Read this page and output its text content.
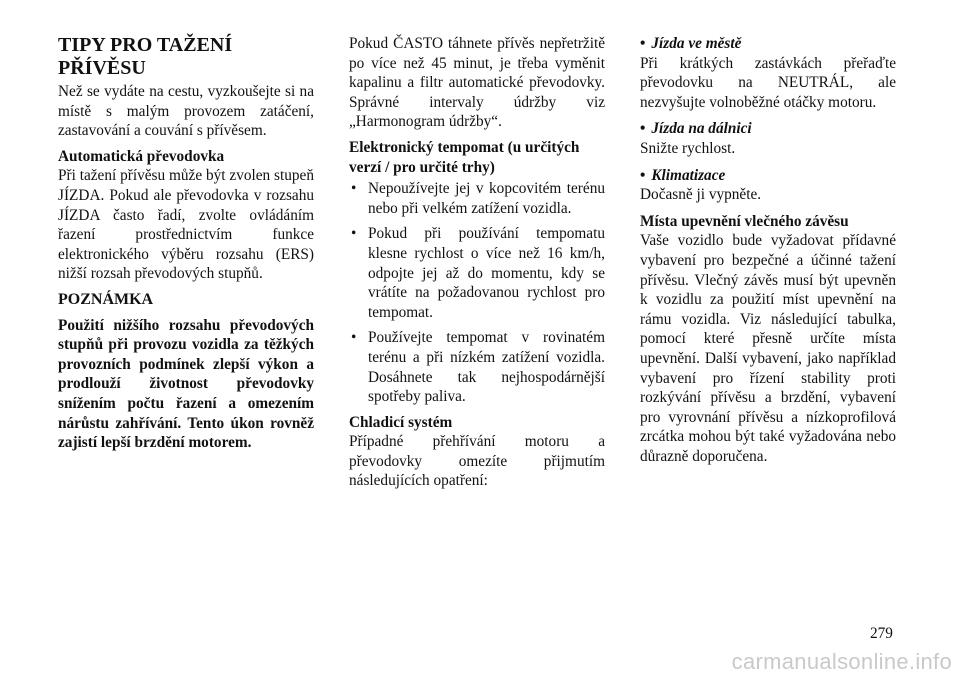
TIPY PRO TAŽENÍ PŘÍVĚSU

Než se vydáte na cestu, vyzkoušejte si na místě s malým provozem zatáčení, zastavování a couvání s přívěsem.

Automatická převodovka

Při tažení přívěsu může být zvolen stupeň JÍZDA. Pokud ale převodovka v rozsahu JÍZDA často řadí, zvolte ovládáním řazení prostřednictvím funkce elektronického výběru rozsahu (ERS) nižší rozsah převodových stupňů.

POZNÁMKA

Použití nižšího rozsahu převodových stupňů při provozu vozidla za těžkých provozních podmínek zlepší výkon a prodlouží životnost převodovky snížením počtu řazení a omezením nárůstu zahřívání. Tento úkon rovněž zajistí lepší brzdění motorem.

Pokud ČASTO táhnete přívěs nepřetržitě po více než 45 minut, je třeba vyměnit kapalinu a filtr automatické převodovky. Správné intervaly údržby viz „Harmonogram údržby“.

Elektronický tempomat (u určitých verzí / pro určité trhy)
• Nepoužívejte jej v kopcovitém terénu nebo při velkém zatížení vozidla.
• Pokud při používání tempomatu klesne rychlost o více než 16 km/h, odpojte jej až do momentu, kdy se vrátíte na požadovanou rychlost pro tempomat.
• Používejte tempomat v rovinatém terénu a při nízkém zatížení vozidla. Dosáhnete tak nejhospodárnější spotřeby paliva.
Chladicí systém

Případné přehřívání motoru a převodovky omezíte přijmutím následujících opatření:

• Jízda ve městě

Při krátkých zastávkách přeřaďte převodovku na NEUTRÁL, ale nezvyšujte volnoběžné otáčky motoru.

• Jízda na dálnici

Snižte rychlost.

• Klimatizace

Dočasně ji vypněte.

Místa upevnění vlečného závěsu

Vaše vozidlo bude vyžadovat přídavné vybavení pro bezpečné a účinné tažení přívěsu. Vlečný závěs musí být upevněn k vozidlu za použití míst upevnění na rámu vozidla. Viz následující tabulka, pomocí které přesně určíte místa upevnění. Další vybavení, jako například vybavení pro řízení stability proti rozkývání přívěsu a brzdění, vybavení pro vyrovnání přívěsu a nízkoprofilová zrcátka mohou být také vyžadována nebo důrazně doporučena.

279
carmanualsonline.info
